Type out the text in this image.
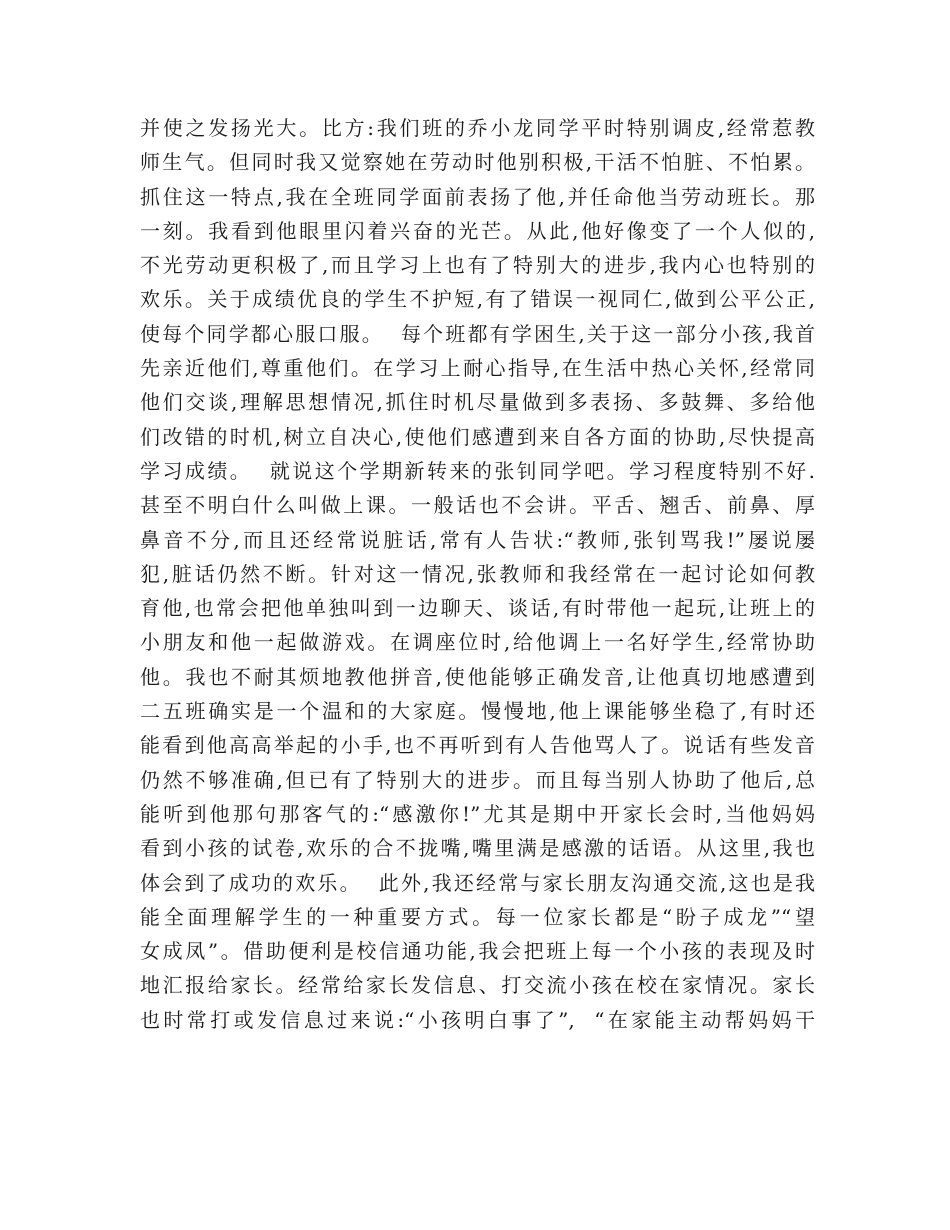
并使之发扬光大。比方:我们班的乔小龙同学平时特别调皮,经常惹教
师生气。但同时我又觉察她在劳动时他别积极,干活不怕脏、不怕累。
抓住这一特点,我在全班同学面前表扬了他,并任命他当劳动班长。那
一刻。我看到他眼里闪着兴奋的光芒。从此,他好像变了一个人似的,
不光劳动更积极了,而且学习上也有了特别大的进步,我内心也特别的
欢乐。关于成绩优良的学生不护短,有了错误一视同仁,做到公平公正,
使每个同学都心服口服。  每个班都有学困生,关于这一部分小孩,我首
先亲近他们,尊重他们。在学习上耐心指导,在生活中热心关怀,经常同
他们交谈,理解思想情况,抓住时机尽量做到多表扬、多鼓舞、多给他
们改错的时机,树立自决心,使他们感遭到来自各方面的协助,尽快提高
学习成绩。  就说这个学期新转来的张钊同学吧。学习程度特别不好.
甚至不明白什么叫做上课。一般话也不会讲。平舌、翘舌、前鼻、厚
鼻音不分,而且还经常说脏话,常有人告状:“教师,张钊骂我!”屡说屡
犯,脏话仍然不断。针对这一情况,张教师和我经常在一起讨论如何教
育他,也常会把他单独叫到一边聊天、谈话,有时带他一起玩,让班上的
小朋友和他一起做游戏。在调座位时,给他调上一名好学生,经常协助
他。我也不耐其烦地教他拼音,使他能够正确发音,让他真切地感遭到
二五班确实是一个温和的大家庭。慢慢地,他上课能够坐稳了,有时还
能看到他高高举起的小手,也不再听到有人告他骂人了。说话有些发音
仍然不够准确,但已有了特别大的进步。而且每当别人协助了他后,总
能听到他那句那客气的:“感激你!”尤其是期中开家长会时,当他妈妈
看到小孩的试卷,欢乐的合不拢嘴,嘴里满是感激的话语。从这里,我也
体会到了成功的欢乐。  此外,我还经常与家长朋友沟通交流,这也是我
能全面理解学生的一种重要方式。每一位家长都是“盼子成龙”“望
女成凤”。借助便利是校信通功能,我会把班上每一个小孩的表现及时
地汇报给家长。经常给家长发信息、打交流小孩在校在家情况。家长
也时常打或发信息过来说:“小孩明白事了”,  “在家能主动帮妈妈干
